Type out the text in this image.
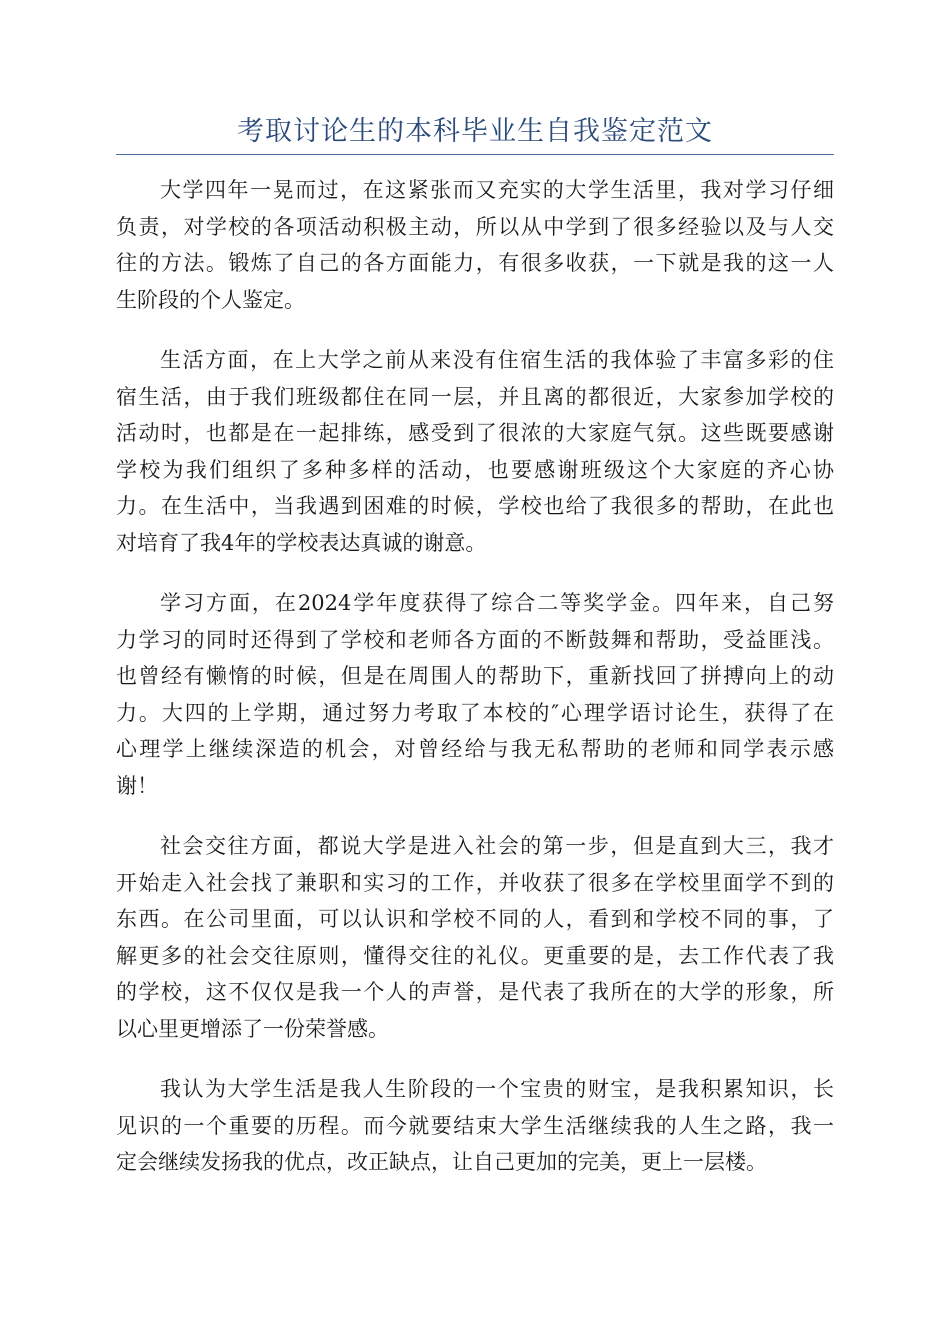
考取讨论生的本科毕业生自我鉴定范文
大学四年一晃而过，在这紧张而又充实的大学生活里，我对学习仔细
负责，对学校的各项活动积极主动，所以从中学到了很多经验以及与人交
往的方法。锻炼了自己的各方面能力，有很多收获，一下就是我的这一人
生阶段的个人鉴定。
生活方面，在上大学之前从来没有住宿生活的我体验了丰富多彩的住
宿生活，由于我们班级都住在同一层，并且离的都很近，大家参加学校的
活动时，也都是在一起排练，感受到了很浓的大家庭气氛。这些既要感谢
学校为我们组织了多种多样的活动，也要感谢班级这个大家庭的齐心协
力。在生活中，当我遇到困难的时候，学校也给了我很多的帮助，在此也
对培育了我4年的学校表达真诚的谢意。
学习方面，在2024学年度获得了综合二等奖学金。四年来，自己努
力学习的同时还得到了学校和老师各方面的不断鼓舞和帮助，受益匪浅。
也曾经有懒惰的时候，但是在周围人的帮助下，重新找回了拼搏向上的动
力。大四的上学期，通过努力考取了本校的″心理学语讨论生，获得了在
心理学上继续深造的机会，对曾经给与我无私帮助的老师和同学表示感
谢！
社会交往方面，都说大学是进入社会的第一步，但是直到大三，我才
开始走入社会找了兼职和实习的工作，并收获了很多在学校里面学不到的
东西。在公司里面，可以认识和学校不同的人，看到和学校不同的事，了
解更多的社会交往原则，懂得交往的礼仪。更重要的是，去工作代表了我
的学校，这不仅仅是我一个人的声誉，是代表了我所在的大学的形象，所
以心里更增添了一份荣誉感。
我认为大学生活是我人生阶段的一个宝贵的财宝，是我积累知识，长
见识的一个重要的历程。而今就要结束大学生活继续我的人生之路，我一
定会继续发扬我的优点，改正缺点，让自己更加的完美，更上一层楼。
